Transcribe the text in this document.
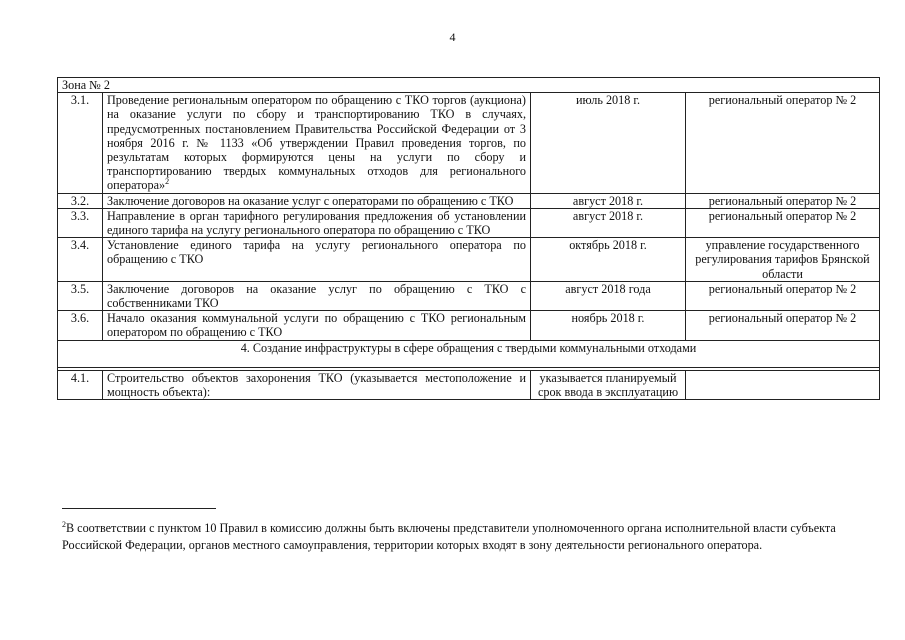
4
Зона № 2			
3.1.	Проведение региональным оператором по обращению с ТКО торгов (аукциона) на оказание услуги по сбору и транспортированию ТКО в случаях, предусмотренных постановлением Правительства Российской Федерации от 3 ноября 2016 г. № 1133 «Об утверждении Правил проведения торгов, по результатам которых формируются цены на услуги по сбору и транспортированию твердых коммунальных отходов для регионального оператора»$^2$	июль 2018 г.	региональный оператор № 2
3.2.	Заключение договоров на оказание услуг с операторами по обращению с ТКО	август 2018 г.	региональный оператор № 2
3.3.	Направление в орган тарифного регулирования предложения об установлении единого тарифа на услугу регионального оператора по обращению с ТКО	август 2018 г.	региональный оператор № 2
3.4.	Установление единого тарифа на услугу регионального оператора по обращению с ТКО	октябрь 2018 г.	управление государственного регулирования тарифов Брянской области
3.5.	Заключение договоров на оказание услуг по обращению с ТКО с собственниками ТКО	август 2018 года	региональный оператор № 2
3.6.	Начало оказания коммунальной услуги по обращению с ТКО региональным оператором по обращению с ТКО	ноябрь 2018 г.	региональный оператор № 2
4. Создание инфраструктуры в сфере обращения с твердыми коммунальными отходами			

4.1.	Строительство объектов захоронения ТКО (указывается местоположение и мощность объекта):	указывается планируемый срок ввода в эксплуатацию	
$^2$В соответствии с пунктом 10 Правил в комиссию должны быть включены представители уполномоченного органа исполнительной власти субъекта Российской Федерации, органов местного самоуправления, территории которых входят в зону деятельности регионального оператора.
